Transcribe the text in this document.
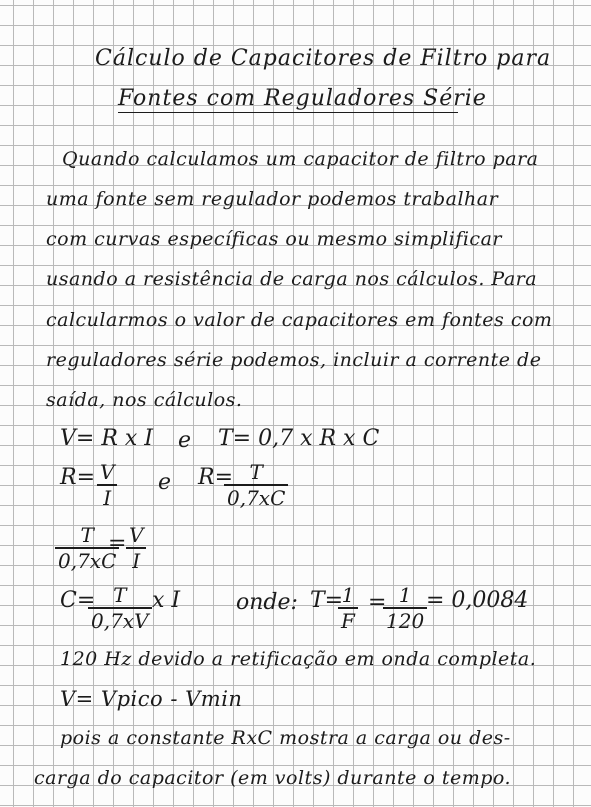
Cálculo de Capacitores de Filtro para
Fontes com Reguladores Série
Quando calculamos um capacitor de filtro para
uma fonte sem regulador podemos trabalhar
com curvas específicas ou mesmo simplificar
usando a resistência de carga nos cálculos. Para
calcularmos o valor de capacitores em fontes com
reguladores série podemos, incluir a corrente de
saída, nos cálculos.
V= R x I e T= 0,7 x R x C
R= V
I
e R= T
0,7xC
T
0,7xC
= V
I
C= T
0,7xV
x I	onde: T=
1
F
= 1
120
= 0,0084
120 Hz devido a retificação em onda completa.
V= Vpico - Vmin
pois a constante RxC mostra a carga ou des-
carga do capacitor (em volts) durante o tempo.
